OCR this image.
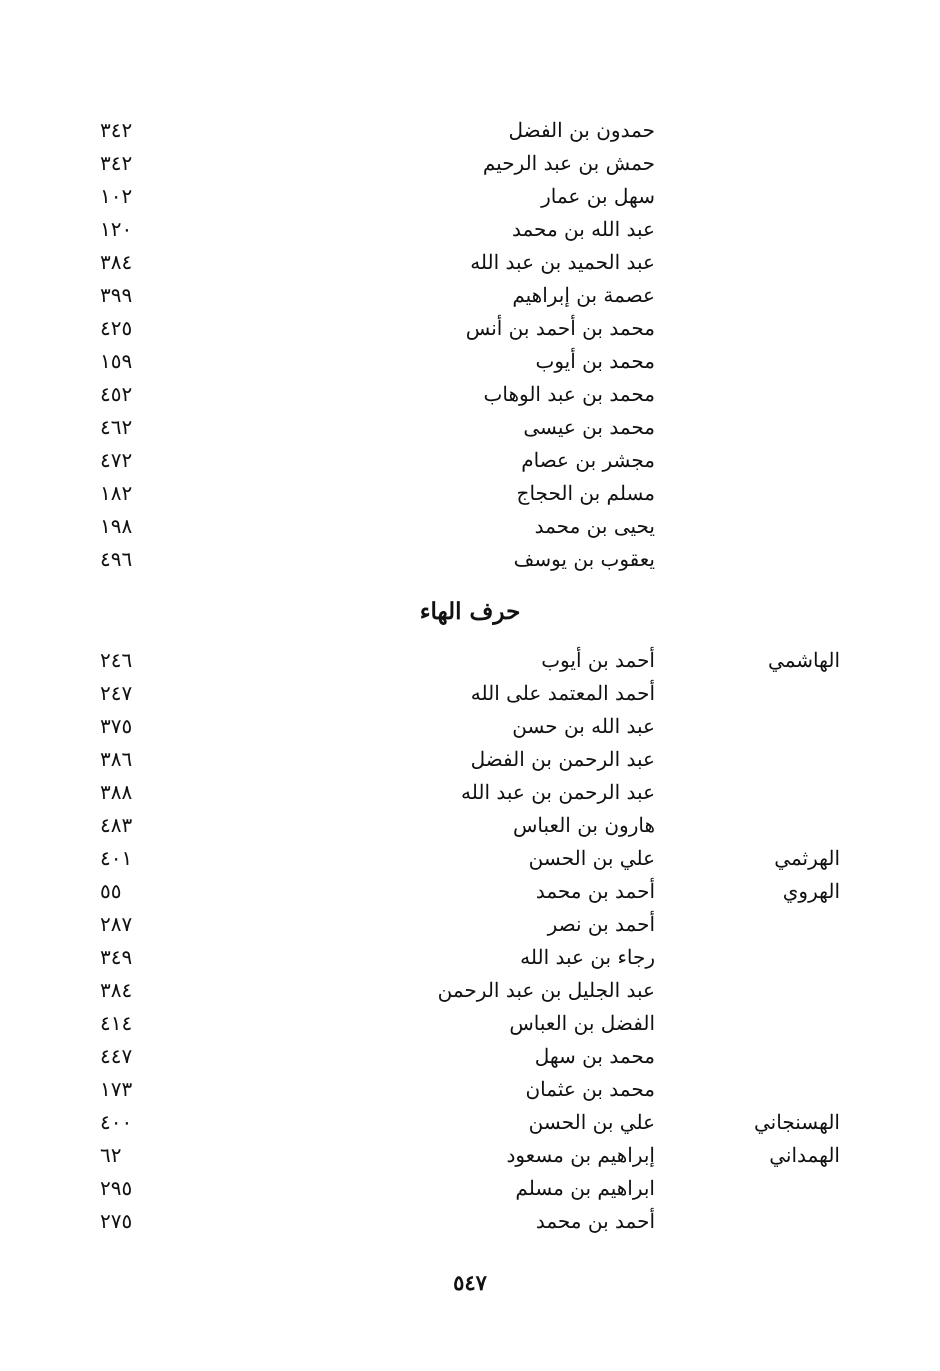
حمدون بن الفضل
٣٤٢
حمش بن عبد الرحيم
٣٤٢
سهل بن عمار
١٠٢
عبد الله بن محمد
١٢٠
عبد الحميد بن عبد الله
٣٨٤
عصمة بن إبراهيم
٣٩٩
محمد بن أحمد بن أنس
٤٢٥
محمد بن أيوب
١٥٩
محمد بن عبد الوهاب
٤٥٢
محمد بن عيسى
٤٦٢
مجشر بن عصام
٤٧٢
مسلم بن الحجاج
١٨٢
يحيى بن محمد
١٩٨
يعقوب بن يوسف
٤٩٦
حرف الهاء
الهاشمي
أحمد بن أيوب
٢٤٦
أحمد المعتمد على الله
٢٤٧
عبد الله بن حسن
٣٧٥
عبد الرحمن بن الفضل
٣٨٦
عبد الرحمن بن عبد الله
٣٨٨
هارون بن العباس
٤٨٣
الهرثمي
علي بن الحسن
٤٠١
الهروي
أحمد بن محمد
٥٥
أحمد بن نصر
٢٨٧
رجاء بن عبد الله
٣٤٩
عبد الجليل بن عبد الرحمن
٣٨٤
الفضل بن العباس
٤١٤
محمد بن سهل
٤٤٧
محمد بن عثمان
١٧٣
الهسنجاني
علي بن الحسن
٤٠٠
الهمداني
إبراهيم بن مسعود
٦٢
ابراهيم بن مسلم
٢٩٥
أحمد بن محمد
٢٧٥
٥٤٧
